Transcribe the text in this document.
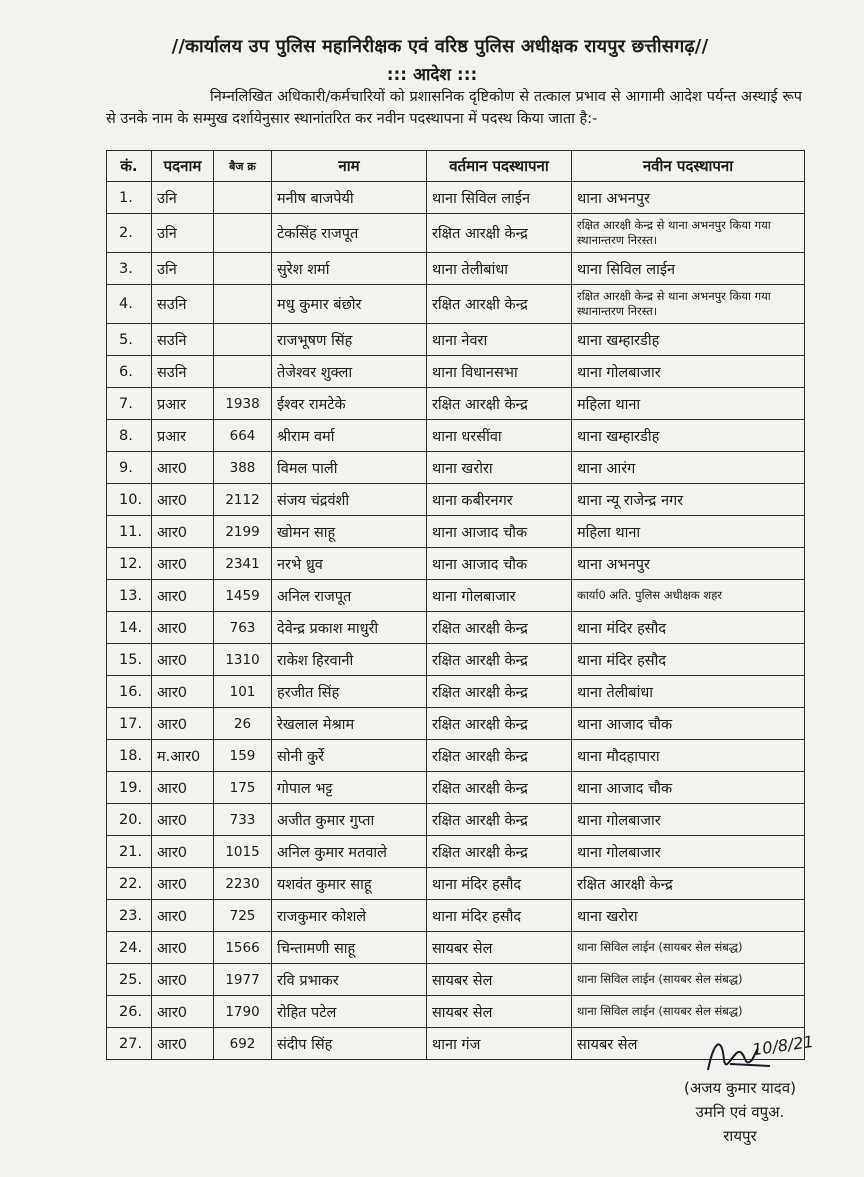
//कार्यालय उप पुलिस महानिरीक्षक एवं वरिष्ठ पुलिस अधीक्षक रायपुर छत्तीसगढ़//
::: आदेश :::
निम्नलिखित अधिकारी/कर्मचारियों को प्रशासनिक दृष्टिकोण से तत्काल प्रभाव से आगामी आदेश पर्यन्त अस्थाई रूप से उनके नाम के सम्मुख दर्शायेनुसार स्थानांतरित कर नवीन पदस्थापना में पदस्थ किया जाता है:-
कं.	पदनाम	बैज क्र	नाम	वर्तमान पदस्थापना	नवीन पदस्थापना
1.	उनि		मनीष बाजपेयी	थाना सिविल लाईन	थाना अभनपुर
2.	उनि		टेकसिंह राजपूत	रक्षित आरक्षी केन्द्र	रक्षित आरक्षी केन्द्र से थाना अभनपुर किया गया स्थानान्तरण निरस्त।
3.	उनि		सुरेश शर्मा	थाना तेलीबांधा	थाना सिविल लाईन
4.	सउनि		मधु कुमार बंछोर	रक्षित आरक्षी केन्द्र	रक्षित आरक्षी केन्द्र से थाना अभनपुर किया गया स्थानान्तरण निरस्त।
5.	सउनि		राजभूषण सिंह	थाना नेवरा	थाना खम्हारडीह
6.	सउनि		तेजेश्वर शुक्ला	थाना विधानसभा	थाना गोलबाजार
7.	प्रआर	1938	ईश्वर रामटेके	रक्षित आरक्षी केन्द्र	महिला थाना
8.	प्रआर	664	श्रीराम वर्मा	थाना धरसींवा	थाना खम्हारडीह
9.	आर0	388	विमल पाली	थाना खरोरा	थाना आरंग
10.	आर0	2112	संजय चंद्रवंशी	थाना कबीरनगर	थाना न्यू राजेन्द्र नगर
11.	आर0	2199	खोमन साहू	थाना आजाद चौक	महिला थाना
12.	आर0	2341	नरभे ध्रुव	थाना आजाद चौक	थाना अभनपुर
13.	आर0	1459	अनिल राजपूत	थाना गोलबाजार	कार्या0 अति. पुलिस अधीक्षक शहर
14.	आर0	763	देवेन्द्र प्रकाश माधुरी	रक्षित आरक्षी केन्द्र	थाना मंदिर हसौद
15.	आर0	1310	राकेश हिरवानी	रक्षित आरक्षी केन्द्र	थाना मंदिर हसौद
16.	आर0	101	हरजीत सिंह	रक्षित आरक्षी केन्द्र	थाना तेलीबांधा
17.	आर0	26	रेखलाल मेश्राम	रक्षित आरक्षी केन्द्र	थाना आजाद चौक
18.	म.आर0	159	सोनी कुर्रे	रक्षित आरक्षी केन्द्र	थाना मौदहापारा
19.	आर0	175	गोपाल भट्ट	रक्षित आरक्षी केन्द्र	थाना आजाद चौक
20.	आर0	733	अजीत कुमार गुप्ता	रक्षित आरक्षी केन्द्र	थाना गोलबाजार
21.	आर0	1015	अनिल कुमार मतवाले	रक्षित आरक्षी केन्द्र	थाना गोलबाजार
22.	आर0	2230	यशवंत कुमार साहू	थाना मंदिर हसौद	रक्षित आरक्षी केन्द्र
23.	आर0	725	राजकुमार कोशले	थाना मंदिर हसौद	थाना खरोरा
24.	आर0	1566	चिन्तामणी साहू	सायबर सेल	थाना सिविल लाईन (सायबर सेल संबद्ध)
25.	आर0	1977	रवि प्रभाकर	सायबर सेल	थाना सिविल लाईन (सायबर सेल संबद्ध)
26.	आर0	1790	रोहित पटेल	सायबर सेल	थाना सिविल लाईन (सायबर सेल संबद्ध)
27.	आर0	692	संदीप सिंह	थाना गंज	सायबर सेल	10/8/21
(अजय कुमार यादव)
उमनि एवं वपुअ.
रायपुर
